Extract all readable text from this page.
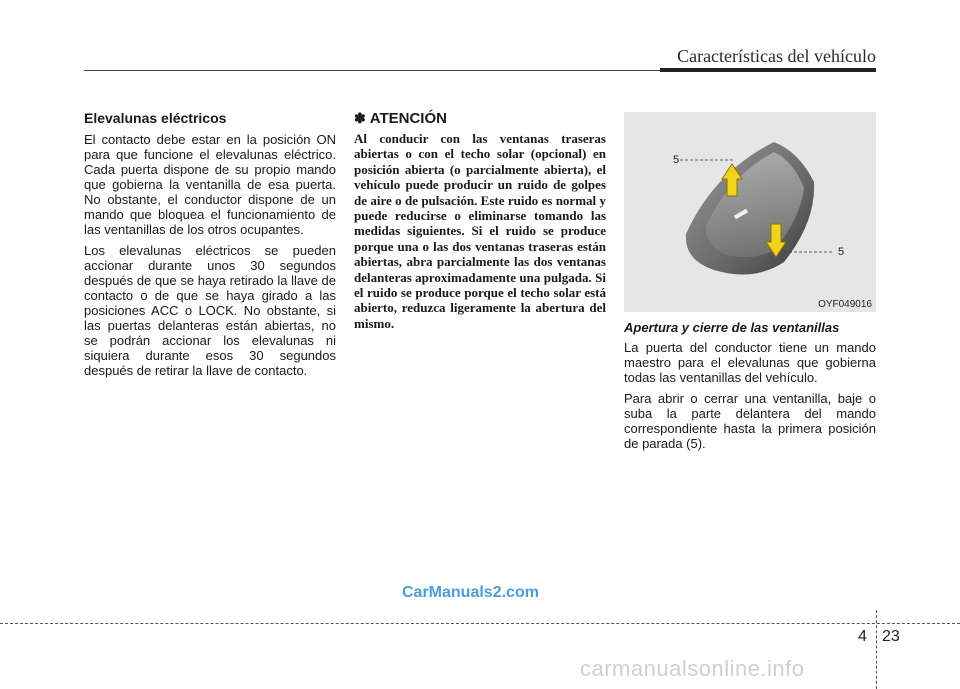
Características del vehículo
Elevalunas eléctricos

El contacto debe estar en la posición ON para que funcione el elevalunas eléctrico. Cada puerta dispone de su propio mando que gobierna la ventanilla de esa puerta. No obstante, el conductor dispone de un mando que bloquea el funcionamiento de las ventanillas de los otros ocupantes.

Los elevalunas eléctricos se pueden accionar durante unos 30 segundos después de que se haya retirado la llave de contacto o de que se haya girado a las posiciones ACC o LOCK. No obstante, si las puertas delanteras están abiertas, no se podrán accionar los elevalunas ni siquiera durante esos 30 segundos después de retirar la llave de contacto.

✽ ATENCIÓN

Al conducir con las ventanas traseras abiertas o con el techo solar (opcional) en posición abierta (o parcialmente abierta), el vehículo puede producir un ruido de golpes de aire o de pulsación. Este ruido es normal y puede reducirse o eliminarse tomando las medidas siguientes. Si el ruido se produce porque una o las dos ventanas traseras están abiertas, abra parcialmente las dos ventanas delanteras aproximadamente una pulgada. Si el ruido se produce porque el techo solar está abierto, reduzca ligeramente la abertura del mismo.

5
5
OYF049016
Apertura y cierre de las ventanillas

La puerta del conductor tiene un mando maestro para el elevalunas que gobierna todas las ventanillas del vehículo.

Para abrir o cerrar una ventanilla, baje o suba la parte delantera del mando correspondiente hasta la primera posición de parada (5).

CarManuals2.com
4 23
carmanualsonline.info
